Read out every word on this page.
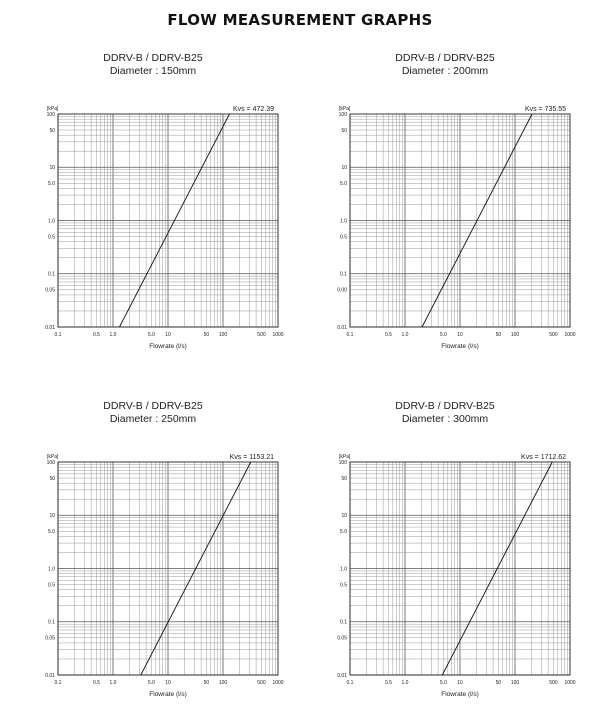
FLOW MEASUREMENT GRAPHS
DDRV-B / DDRV-B25
Diameter : 150mm
0.1	0.5 1.0	5.0 10	50 100	500 1000
0.01
0.05
0.1
0.5
1.0
5.0
10
50
100
[kPa]
Flowrate (l/s)
Kvs = 472.39
DDRV-B / DDRV-B25
Diameter : 200mm
0.1	0.5 1.0	5.0 10	50 100	500 1000
0.01
0.00
0.1
0.5
1.0
5.0
10
50
100
[kPa]
Flowrate (l/s)
Kvs = 735.55
DDRV-B / DDRV-B25
Diameter : 250mm
0.1	0.5 1.0	5.0 10	50 100	500 1000
0.01
0.05
0.1
0.5
1.0
5.0
10
50
100
[kPa]
Flowrate (l/s)
Kvs = 1153.21
DDRV-B / DDRV-B25
Diameter : 300mm
0.1	0.5 1.0	5.0 10	50 100	500 1000
0.01
0.05
0.1
0.5
1.0
5.0
10
50
100
[kPa]
Flowrate (l/s)
Kvs = 1712.62
